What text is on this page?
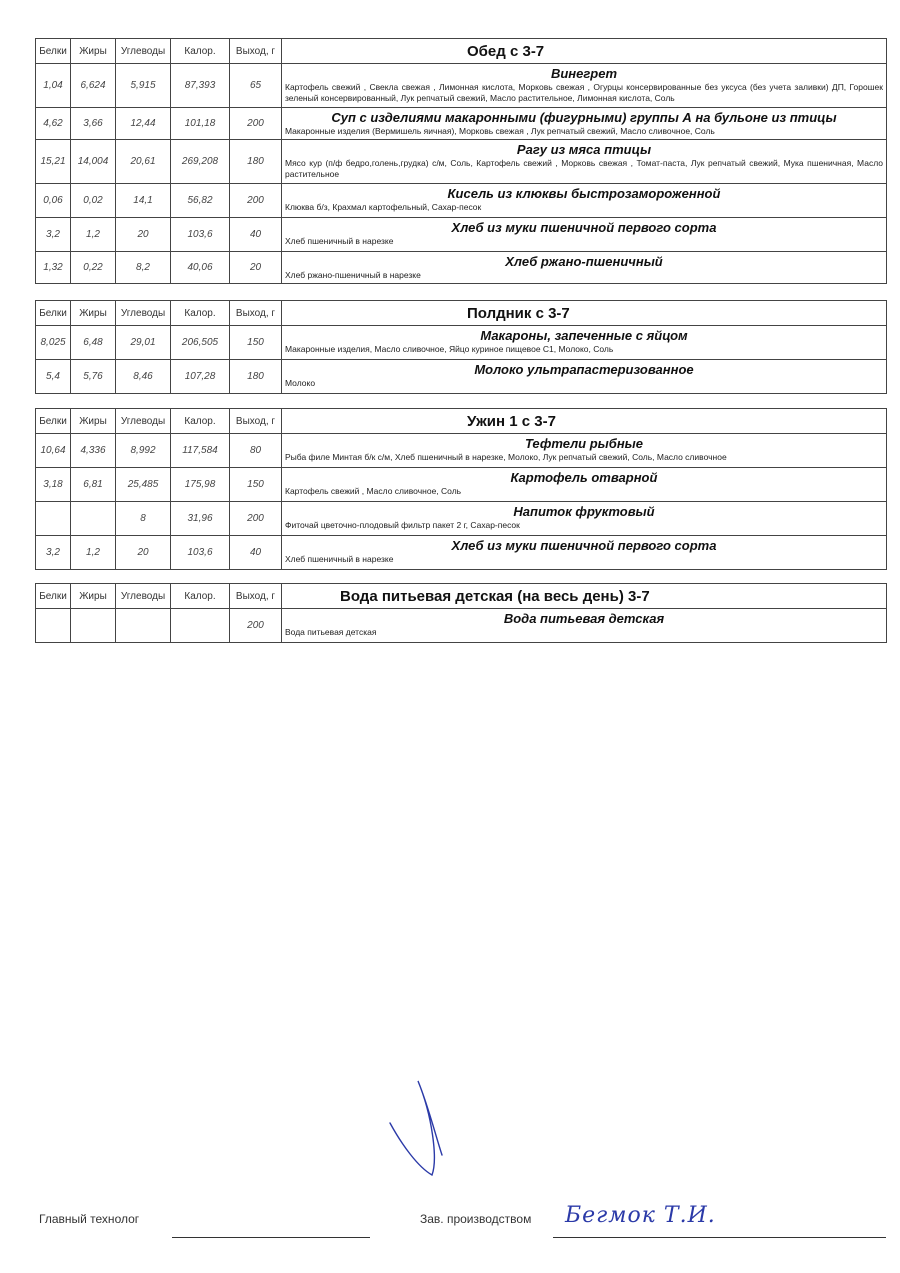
Белки	Жиры	Углеводы	Калор.	Выход, г	Обед с 3-7
1,04	6,624	5,915	87,393	65	Винегрет
Картофель свежий , Свекла свежая , Лимонная кислота, Морковь свежая , Огурцы консервированные без уксуса (без учета заливки) ДП, Горошек зеленый консервированный, Лук репчатый свежий, Масло растительное, Лимонная кислота, Соль

4,62	3,66	12,44	101,18	200	Суп с изделиями макаронными (фигурными) группы А на бульоне из птицы
Макаронные изделия (Вермишель яичная), Морковь свежая , Лук репчатый свежий, Масло сливочное, Соль

15,21	14,004	20,61	269,208	180	Рагу из мяса птицы
Мясо кур (п/ф бедро,голень,грудка) с/м, Соль, Картофель свежий , Морковь свежая , Томат-паста, Лук репчатый свежий, Мука пшеничная, Масло растительное

0,06	0,02	14,1	56,82	200	Кисель из клюквы быстрозамороженной
Клюква б/з, Крахмал картофельный, Сахар-песок

3,2	1,2	20	103,6	40	Хлеб из муки пшеничной первого сорта
Хлеб пшеничный в нарезке

1,32	0,22	8,2	40,06	20	Хлеб ржано-пшеничный
Хлеб ржано-пшеничный в нарезке
Белки	Жиры	Углеводы	Калор.	Выход, г	Полдник с 3-7
8,025	6,48	29,01	206,505	150	Макароны, запеченные с яйцом
Макаронные изделия, Масло сливочное, Яйцо куриное пищевое С1, Молоко, Соль

5,4	5,76	8,46	107,28	180	Молоко ультрапастеризованное
Молоко
Белки	Жиры	Углеводы	Калор.	Выход, г	Ужин 1 с 3-7
10,64	4,336	8,992	117,584	80	Тефтели рыбные
Рыба филе Минтая б/к с/м, Хлеб пшеничный в нарезке, Молоко, Лук репчатый свежий, Соль, Масло сливочное

3,18	6,81	25,485	175,98	150	Картофель отварной
Картофель свежий , Масло сливочное, Соль

		8	31,96	200	Напиток фруктовый
Фиточай цветочно-плодовый фильтр пакет 2 г, Сахар-песок

3,2	1,2	20	103,6	40	Хлеб из муки пшеничной первого сорта
Хлеб пшеничный в нарезке
Белки	Жиры	Углеводы	Калор.	Выход, г	Вода питьевая детская (на весь день) 3-7
				200	Вода питьевая детская
Вода питьевая детская
Главный технолог	Зав. производством Бегмок Т.И.
